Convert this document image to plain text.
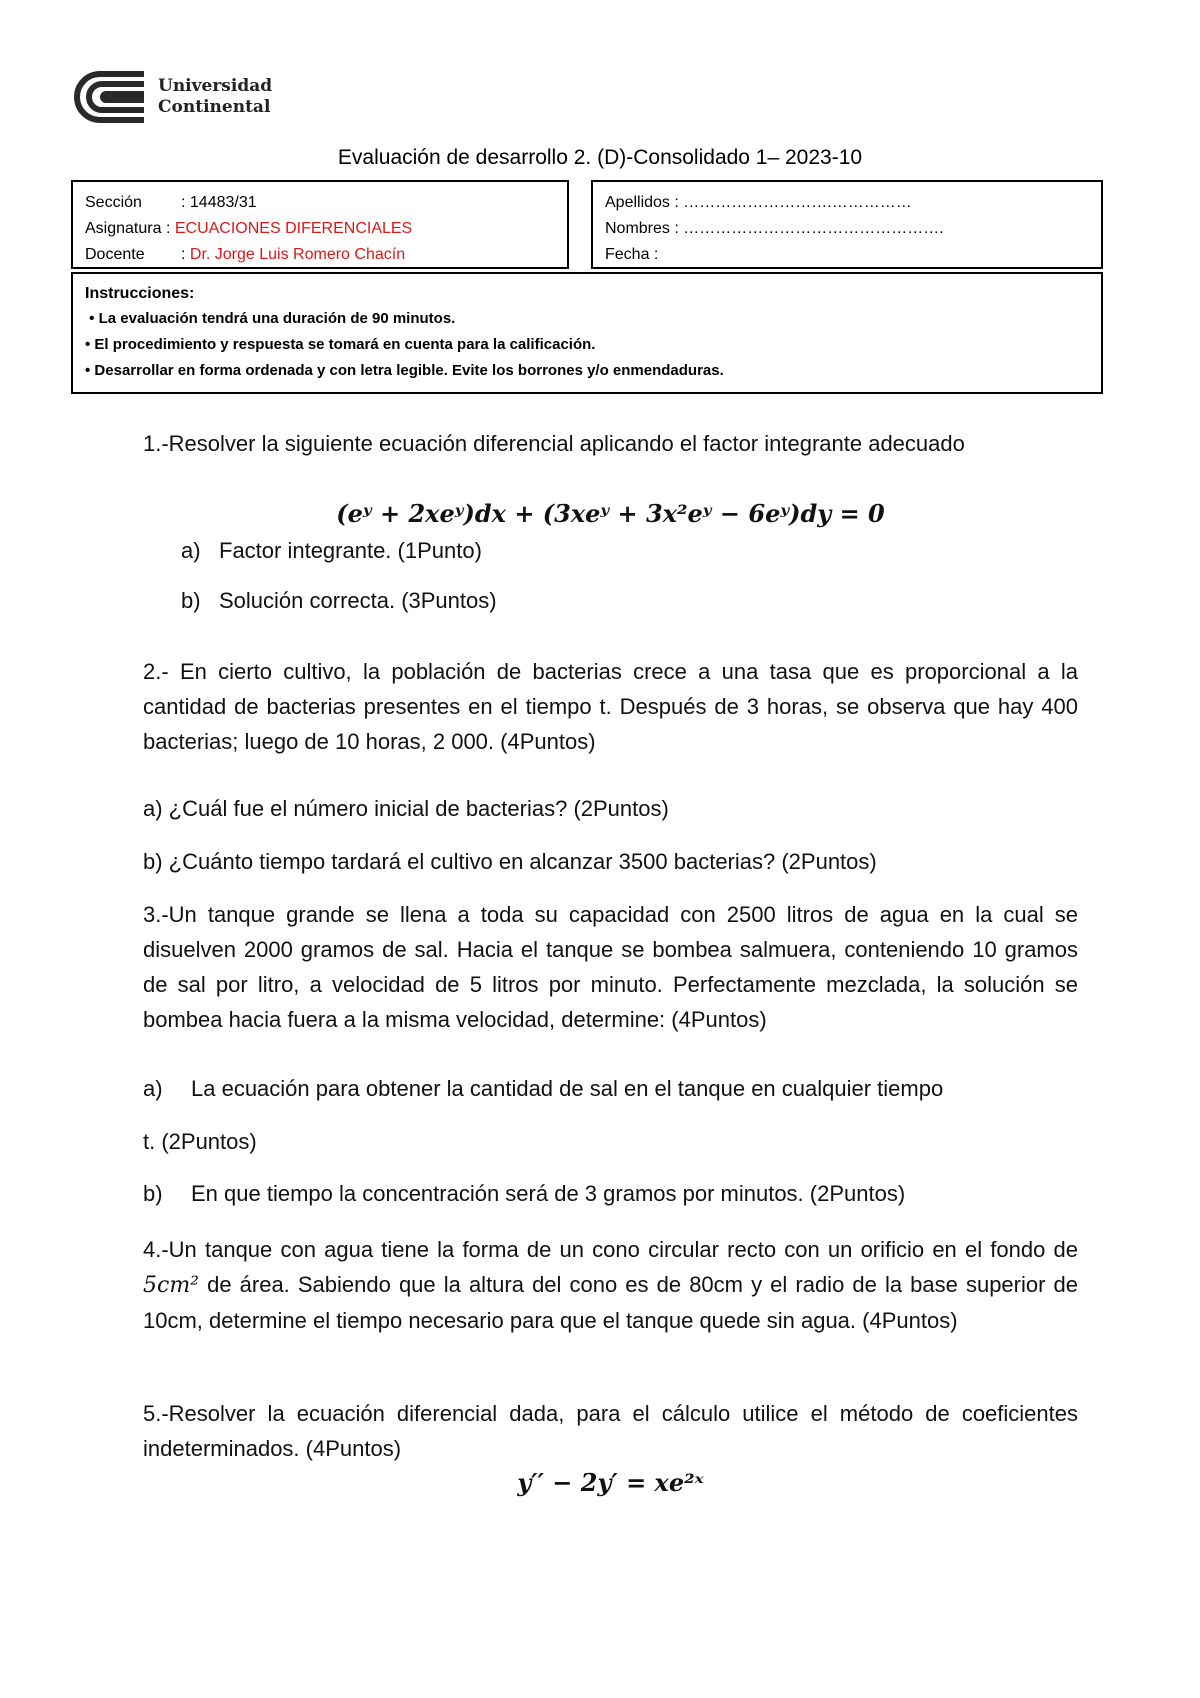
Universidad
Continental
Evaluación de desarrollo 2. (D)-Consolidado 1– 2023-10
Sección : 14483/31
Asignatura : ECUACIONES DIFERENCIALES
Docente : Dr. Jorge Luis Romero Chacín
Apellidos : ……………………….……………
Nombres : ………………………………………….
Fecha :
Instrucciones:
• La evaluación tendrá una duración de 90 minutos.
• El procedimiento y respuesta se tomará en cuenta para la calificación.
• Desarrollar en forma ordenada y con letra legible. Evite los borrones y/o enmendaduras.
1.-Resolver la siguiente ecuación diferencial aplicando el factor integrante adecuado
(eʸ + 2xeʸ)dx + (3xeʸ + 3x²eʸ − 6eʸ)dy = 0
a) Factor integrante. (1Punto)
b) Solución correcta. (3Puntos)
2.- En cierto cultivo, la población de bacterias crece a una tasa que es proporcional a la cantidad de bacterias presentes en el tiempo t. Después de 3 horas, se observa que hay 400 bacterias; luego de 10 horas, 2 000. (4Puntos)
a) ¿Cuál fue el número inicial de bacterias? (2Puntos)
b) ¿Cuánto tiempo tardará el cultivo en alcanzar 3500 bacterias? (2Puntos)
3.-Un tanque grande se llena a toda su capacidad con 2500 litros de agua en la cual se disuelven 2000 gramos de sal. Hacia el tanque se bombea salmuera, conteniendo 10 gramos de sal por litro, a velocidad de 5 litros por minuto. Perfectamente mezclada, la solución se bombea hacia fuera a la misma velocidad, determine: (4Puntos)
a) La ecuación para obtener la cantidad de sal en el tanque en cualquier tiempo
t. (2Puntos)
b) En que tiempo la concentración será de 3 gramos por minutos. (2Puntos)
4.-Un tanque con agua tiene la forma de un cono circular recto con un orificio en el fondo de 5cm² de área. Sabiendo que la altura del cono es de 80cm y el radio de la base superior de 10cm, determine el tiempo necesario para que el tanque quede sin agua. (4Puntos)
5.-Resolver la ecuación diferencial dada, para el cálculo utilice el método de coeficientes indeterminados. (4Puntos)
y′′ − 2y′ = xe²ˣ
